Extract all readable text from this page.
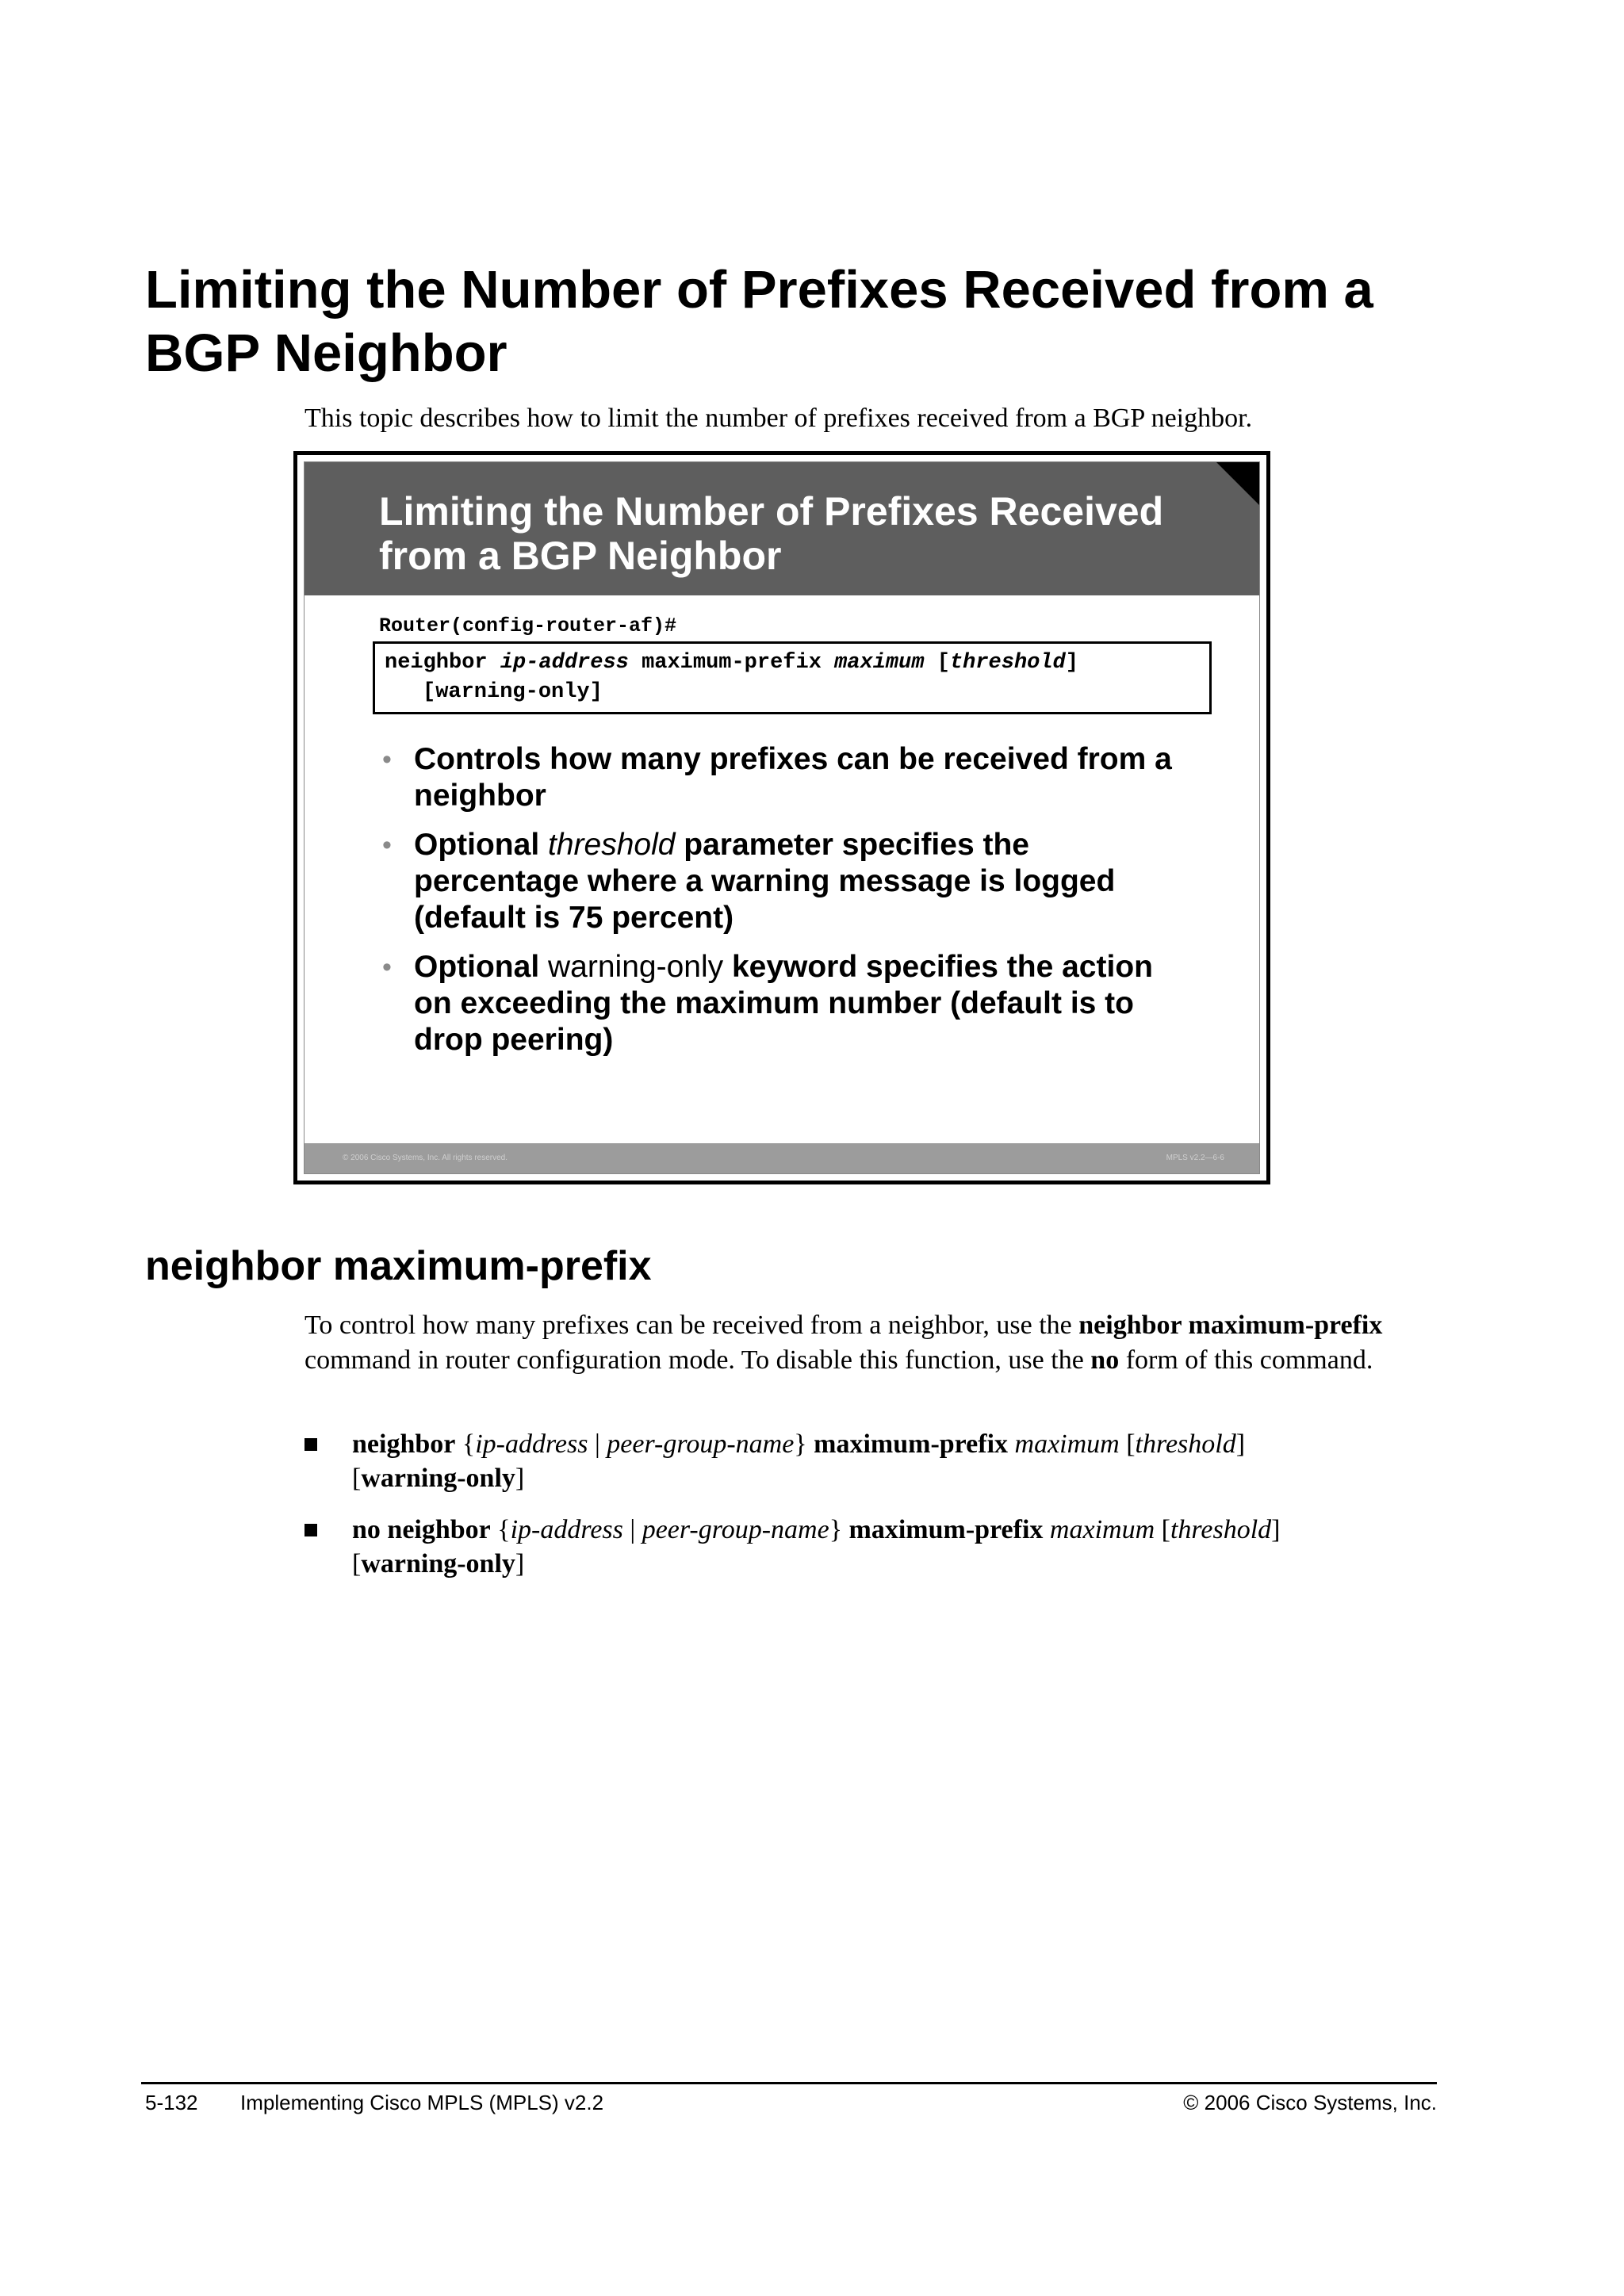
Limiting the Number of Prefixes Received from a BGP Neighbor

This topic describes how to limit the number of prefixes received from a BGP neighbor.

Limiting the Number of Prefixes Received from a BGP Neighbor
Router(config-router-af)#
neighbor ip-address maximum-prefix maximum [threshold]
[warning-only]
• Controls how many prefixes can be received from a neighbor
• Optional threshold parameter specifies the percentage where a warning message is logged (default is 75 percent)
• Optional warning-only keyword specifies the action on exceeding the maximum number (default is to drop peering)
© 2006 Cisco Systems, Inc. All rights reserved.	MPLS v2.2—6-6
neighbor maximum-prefix

To control how many prefixes can be received from a neighbor, use the neighbor maximum-prefix command in router configuration mode. To disable this function, use the no form of this command.

neighbor {ip-address | peer-group-name} maximum-prefix maximum [threshold]
[warning-only]
no neighbor {ip-address | peer-group-name} maximum-prefix maximum [threshold]
[warning-only]
5-132 Implementing Cisco MPLS (MPLS) v2.2	© 2006 Cisco Systems, Inc.
